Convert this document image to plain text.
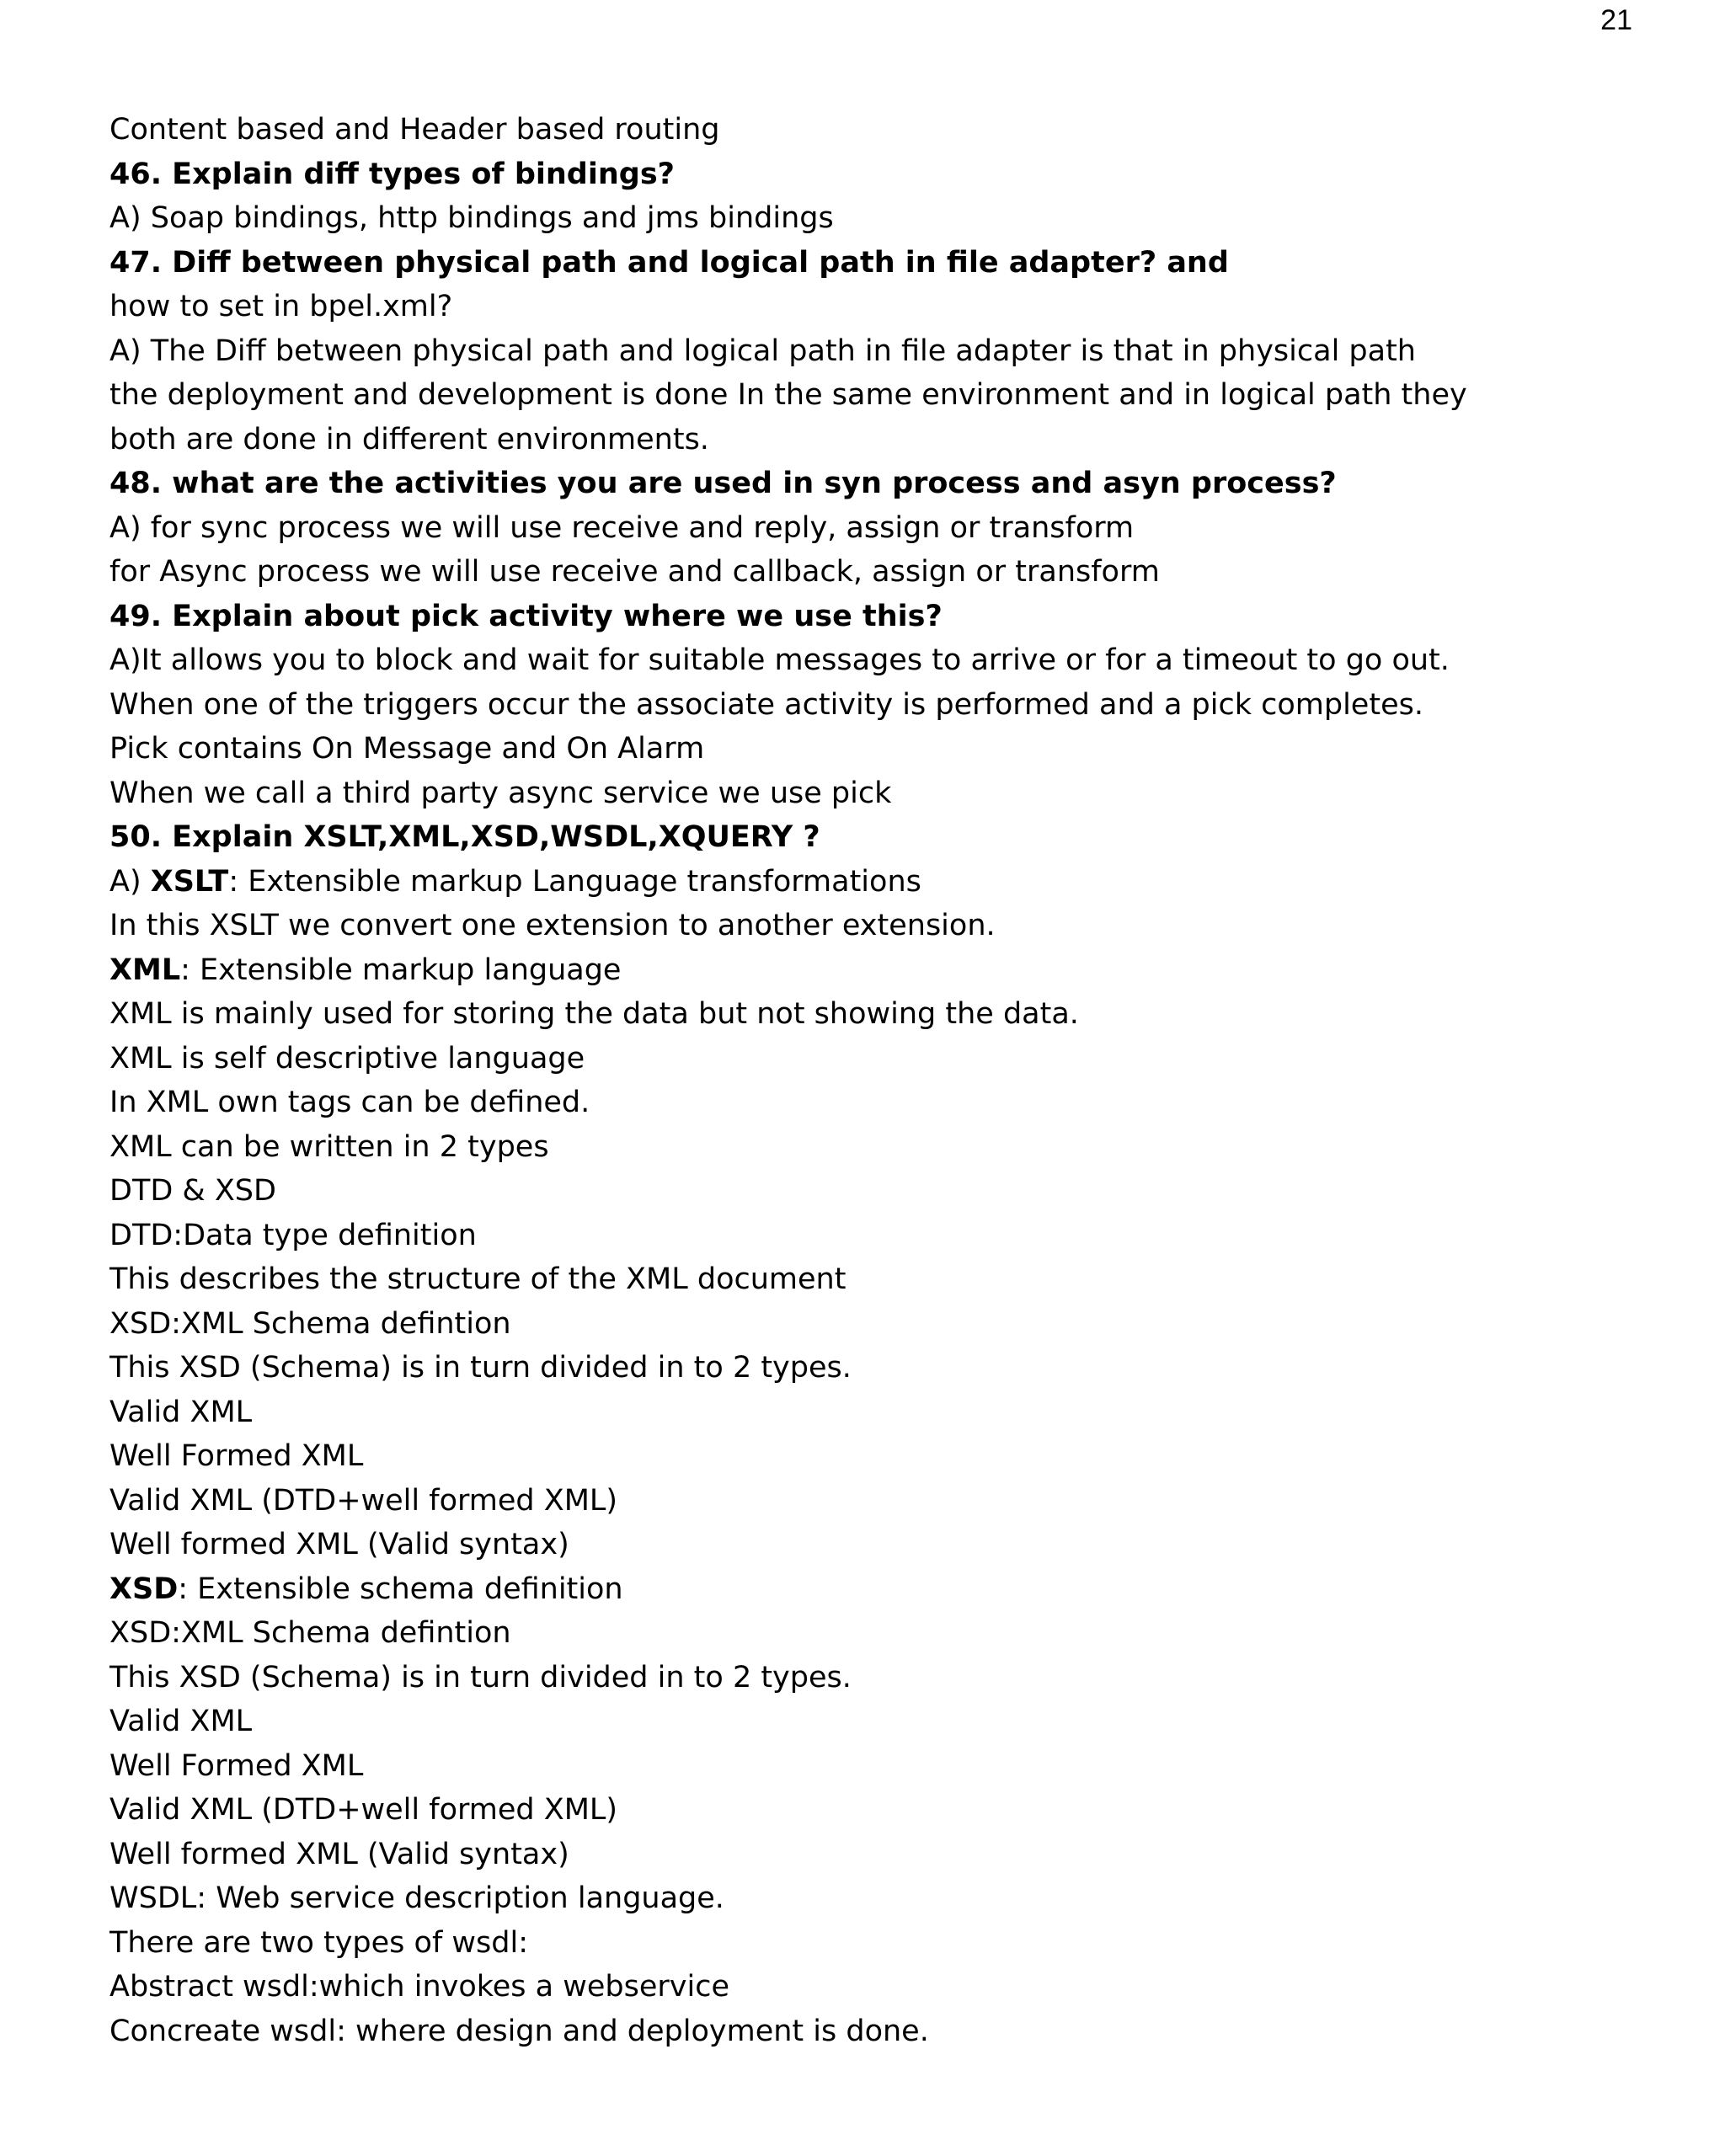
21
Content based and Header based routing
46. Explain diff types of bindings?
A) Soap bindings, http bindings and jms bindings
47. Diff between physical path and logical path in file adapter? and
how to set in bpel.xml?
A) The Diff between physical path and logical path in file adapter is that in physical path
the deployment and development is done In the same environment and in logical path they
both are done in different environments.
48. what are the activities you are used in syn process and asyn process?
A) for sync process we will use receive and reply, assign or transform
for Async process we will use receive and callback, assign or transform
49. Explain about pick activity where we use this?
A)It allows you to block and wait for suitable messages to arrive or for a timeout to go out.
When one of the triggers occur the associate activity is performed and a pick completes.
Pick contains On Message and On Alarm
When we call a third party async service we use pick
50. Explain XSLT,XML,XSD,WSDL,XQUERY ?
A) XSLT: Extensible markup Language transformations
In this XSLT we convert one extension to another extension.
XML: Extensible markup language
XML is mainly used for storing the data but not showing the data.
XML is self descriptive language
In XML own tags can be defined.
XML can be written in 2 types
DTD & XSD
DTD:Data type definition
This describes the structure of the XML document
XSD:XML Schema defintion
This XSD (Schema) is in turn divided in to 2 types.
Valid XML
Well Formed XML
Valid XML (DTD+well formed XML)
Well formed XML (Valid syntax)
XSD: Extensible schema definition
XSD:XML Schema defintion
This XSD (Schema) is in turn divided in to 2 types.
Valid XML
Well Formed XML
Valid XML (DTD+well formed XML)
Well formed XML (Valid syntax)
WSDL: Web service description language.
There are two types of wsdl:
Abstract wsdl:which invokes a webservice
Concreate wsdl: where design and deployment is done.
